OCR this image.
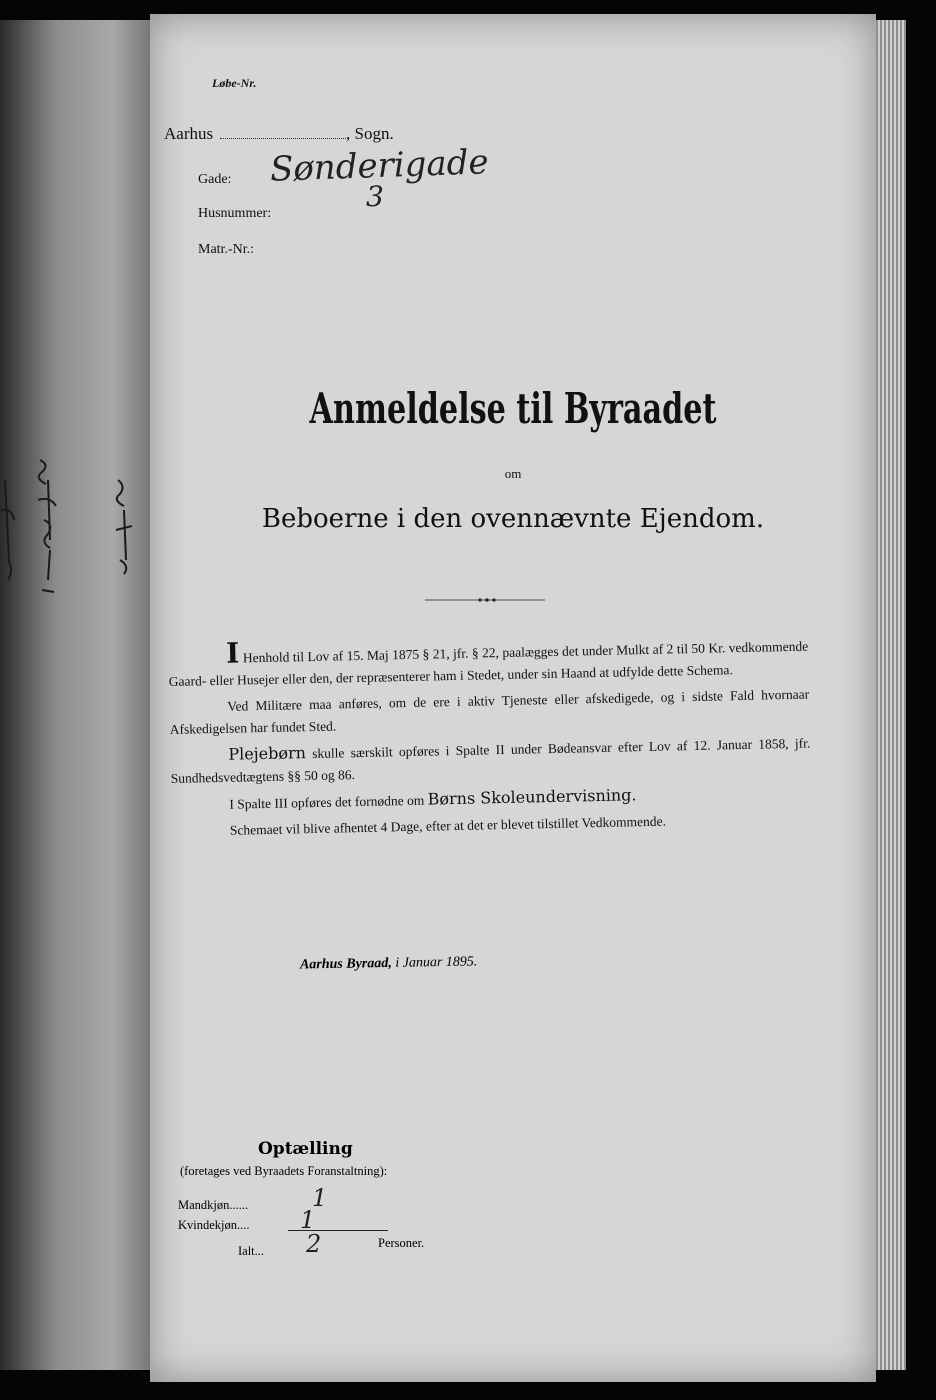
Løbe-Nr.
Aarhus	, Sogn.
Gade: Sønderigade
Husnummer:
3
Matr.-Nr.:
Anmeldelse til Byraadet
om
Beboerne i den ovennævnte Ejendom.

I Henhold til Lov af 15. Maj 1875 § 21, jfr. § 22, paalægges det under Mulkt af 2 til 50 Kr. vedkommende Gaard- eller Husejer eller den, der repræsenterer ham i Stedet, under sin Haand at udfylde dette Schema.

Ved Militære maa anføres, om de ere i aktiv Tjeneste eller afskedigede, og i sidste Fald hvornaar Afskedigelsen har fundet Sted.

Plejebørn skulle særskilt opføres i Spalte II under Bødeansvar efter Lov af 12. Januar 1858, jfr. Sundhedsvedtægtens §§ 50 og 86.

I Spalte III opføres det fornødne om Børns Skoleundervisning.

Schemaet vil blive afhentet 4 Dage, efter at det er blevet tilstillet Vedkommende.

Aarhus Byraad, i Januar 1895.
Optælling
(foretages ved Byraadets Foranstaltning):
Mandkjøn......	1
Kvindekjøn.... 1
Ialt... 2	Personer.
